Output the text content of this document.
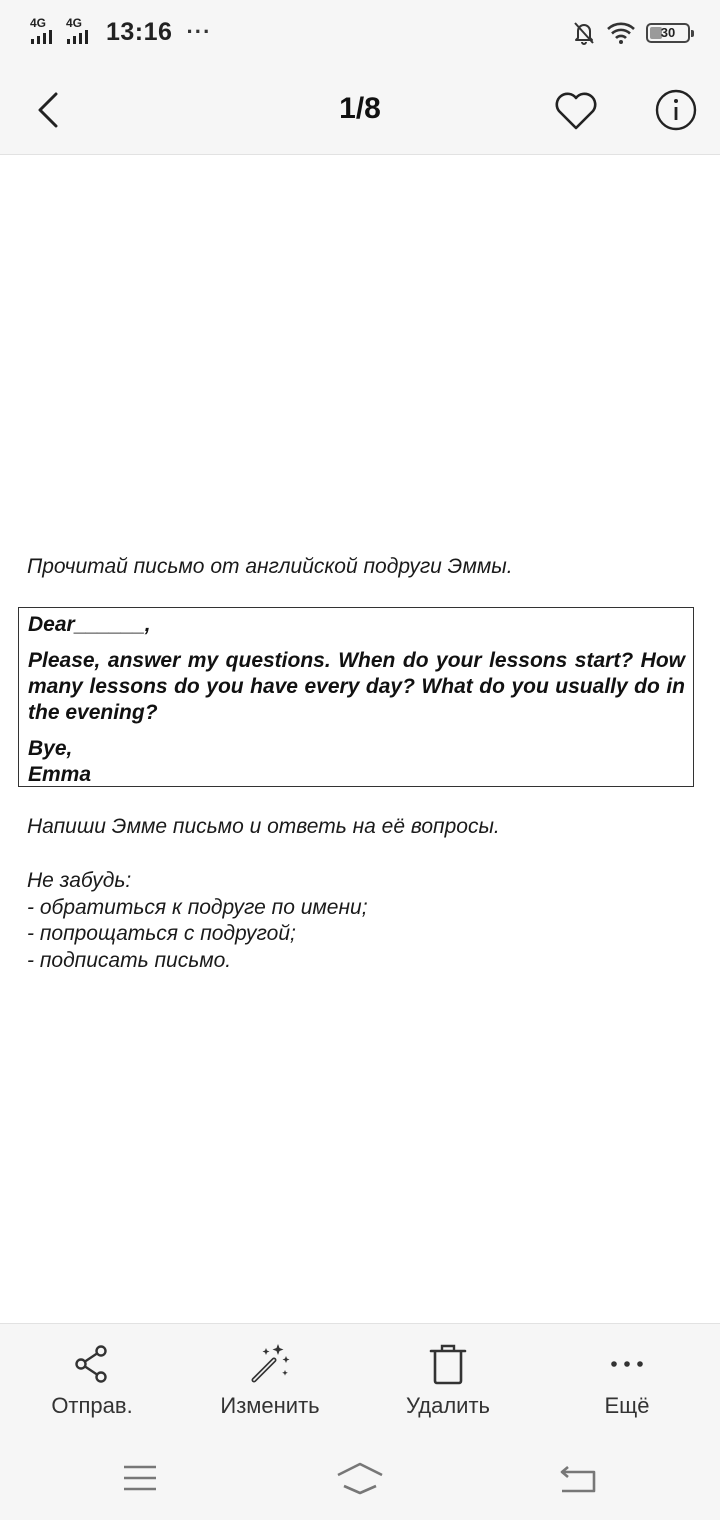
4G 4G 13:16 ···	30
1/8
Прочитай письмо от английской подруги Эммы.

Dear______,

Please, answer my questions. When do your lessons start? How many lessons do you have every day? What do you usually do in the evening?

Bye,

Emma

Напиши Эмме письмо и ответь на её вопросы.
Не забудь:
- обратиться к подруге по имени;
- попрощаться с подругой;
- подписать письмо.
Отправ.	Изменить	Удалить	Ещё
